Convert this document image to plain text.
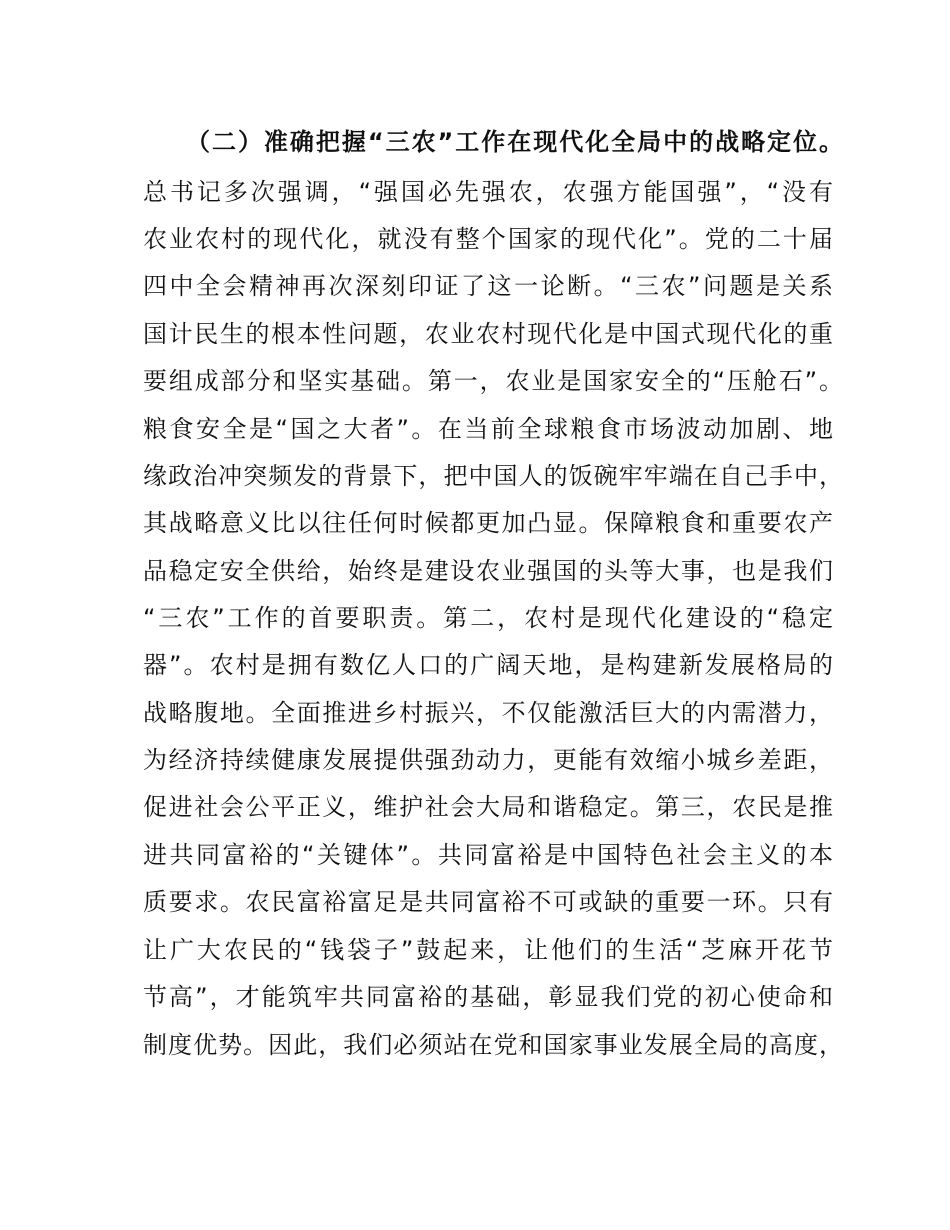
（二）准确把握“三农”工作在现代化全局中的战略定位。
总书记多次强调，“强国必先强农，农强方能国强”，“没有
农业农村的现代化，就没有整个国家的现代化”。党的二十届
四中全会精神再次深刻印证了这一论断。“三农”问题是关系
国计民生的根本性问题，农业农村现代化是中国式现代化的重
要组成部分和坚实基础。第一，农业是国家安全的“压舱石”。
粮食安全是“国之大者”。在当前全球粮食市场波动加剧、地
缘政治冲突频发的背景下，把中国人的饭碗牢牢端在自己手中，
其战略意义比以往任何时候都更加凸显。保障粮食和重要农产
品稳定安全供给，始终是建设农业强国的头等大事，也是我们
“三农”工作的首要职责。第二，农村是现代化建设的“稳定
器”。农村是拥有数亿人口的广阔天地，是构建新发展格局的
战略腹地。全面推进乡村振兴，不仅能激活巨大的内需潜力，
为经济持续健康发展提供强劲动力，更能有效缩小城乡差距，
促进社会公平正义，维护社会大局和谐稳定。第三，农民是推
进共同富裕的“关键体”。共同富裕是中国特色社会主义的本
质要求。农民富裕富足是共同富裕不可或缺的重要一环。只有
让广大农民的“钱袋子”鼓起来，让他们的生活“芝麻开花节
节高”，才能筑牢共同富裕的基础，彰显我们党的初心使命和
制度优势。因此，我们必须站在党和国家事业发展全局的高度，
